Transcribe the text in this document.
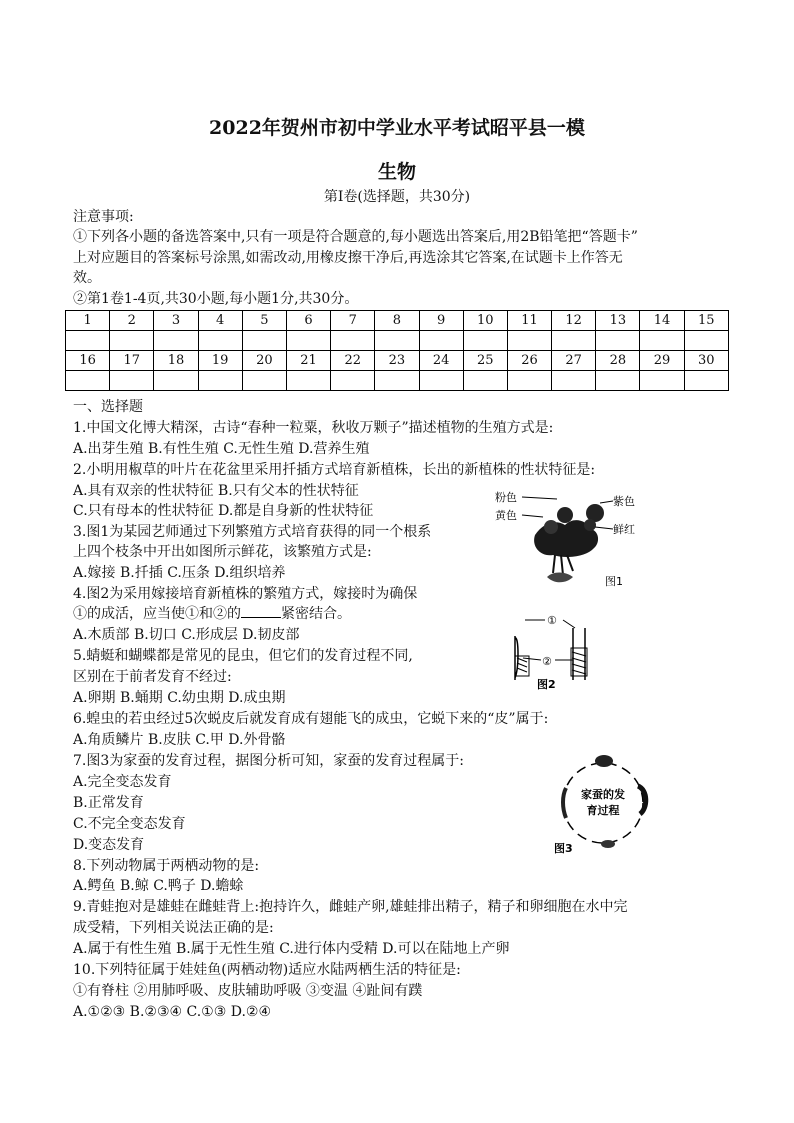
2022年贺州市初中学业水平考试昭平县一模
生物
第Ⅰ卷(选择题，共30分)
注意事项:
①下列各小题的备选答案中,只有一项是符合题意的,每小题选出答案后,用2B铅笔把“答题卡”
上对应题目的答案标号涂黑,如需改动,用橡皮擦干净后,再选涂其它答案,在试题卡上作答无
效。
②第1卷1-4页,共30小题,每小题1分,共30分。
1	2	3	4	5	6	7	8	9	10	11	12	13	14	15

16	17	18	19	20	21	22	23	24	25	26	27	28	29	30

一、选择题
1.中国文化博大精深，古诗“春种一粒粟，秋收万颗子”描述植物的生殖方式是:
A.出芽生殖 B.有性生殖 C.无性生殖 D.营养生殖
2.小明用椒草的叶片在花盆里采用扦插方式培育新植株，长出的新植株的性状特征是:
A.具有双亲的性状特征 B.只有父本的性状特征
C.只有母本的性状特征 D.都是自身新的性状特征
3.图1为某园艺师通过下列繁殖方式培育获得的同一个根系
上四个枝条中开出如图所示鲜花，该繁殖方式是:
A.嫁接 B.扦插 C.压条 D.组织培养
4.图2为采用嫁接培育新植株的繁殖方式，嫁接时为确保
①的成活，应当使①和②的	紧密结合。
A.木质部 B.切口 C.形成层 D.韧皮部
5.蜻蜓和蝴蝶都是常见的昆虫，但它们的发育过程不同,
区别在于前者发育不经过:
A.卵期 B.蛹期 C.幼虫期 D.成虫期
6.蝗虫的若虫经过5次蜕皮后就发育成有翅能飞的成虫，它蜕下来的“皮”属于:
A.角质鳞片 B.皮肤 C.甲 D.外骨骼
7.图3为家蚕的发育过程，据图分析可知，家蚕的发育过程属于:
A.完全变态发育
B.正常发育
C.不完全变态发育
D.变态发育
8.下列动物属于两栖动物的是:
A.鳄鱼 B.鲸 C.鸭子 D.蟾蜍
9.青蛙抱对是雄蛙在雌蛙背上:抱持许久，雌蛙产卵,雄蛙排出精子，精子和卵细胞在水中完
成受精，下列相关说法正确的是:
A.属于有性生殖 B.属于无性生殖 C.进行体内受精 D.可以在陆地上产卵
10.下列特征属于娃娃鱼(两栖动物)适应水陆两栖生活的特征是:
①有脊柱 ②用肺呼吸、皮肤辅助呼吸 ③变温 ④趾间有蹼
A.①②③ B.②③④ C.①③ D.②④
粉色
黄色
紫色
鲜红
图1
①
②
图2
家蚕的发
育过程
图3
